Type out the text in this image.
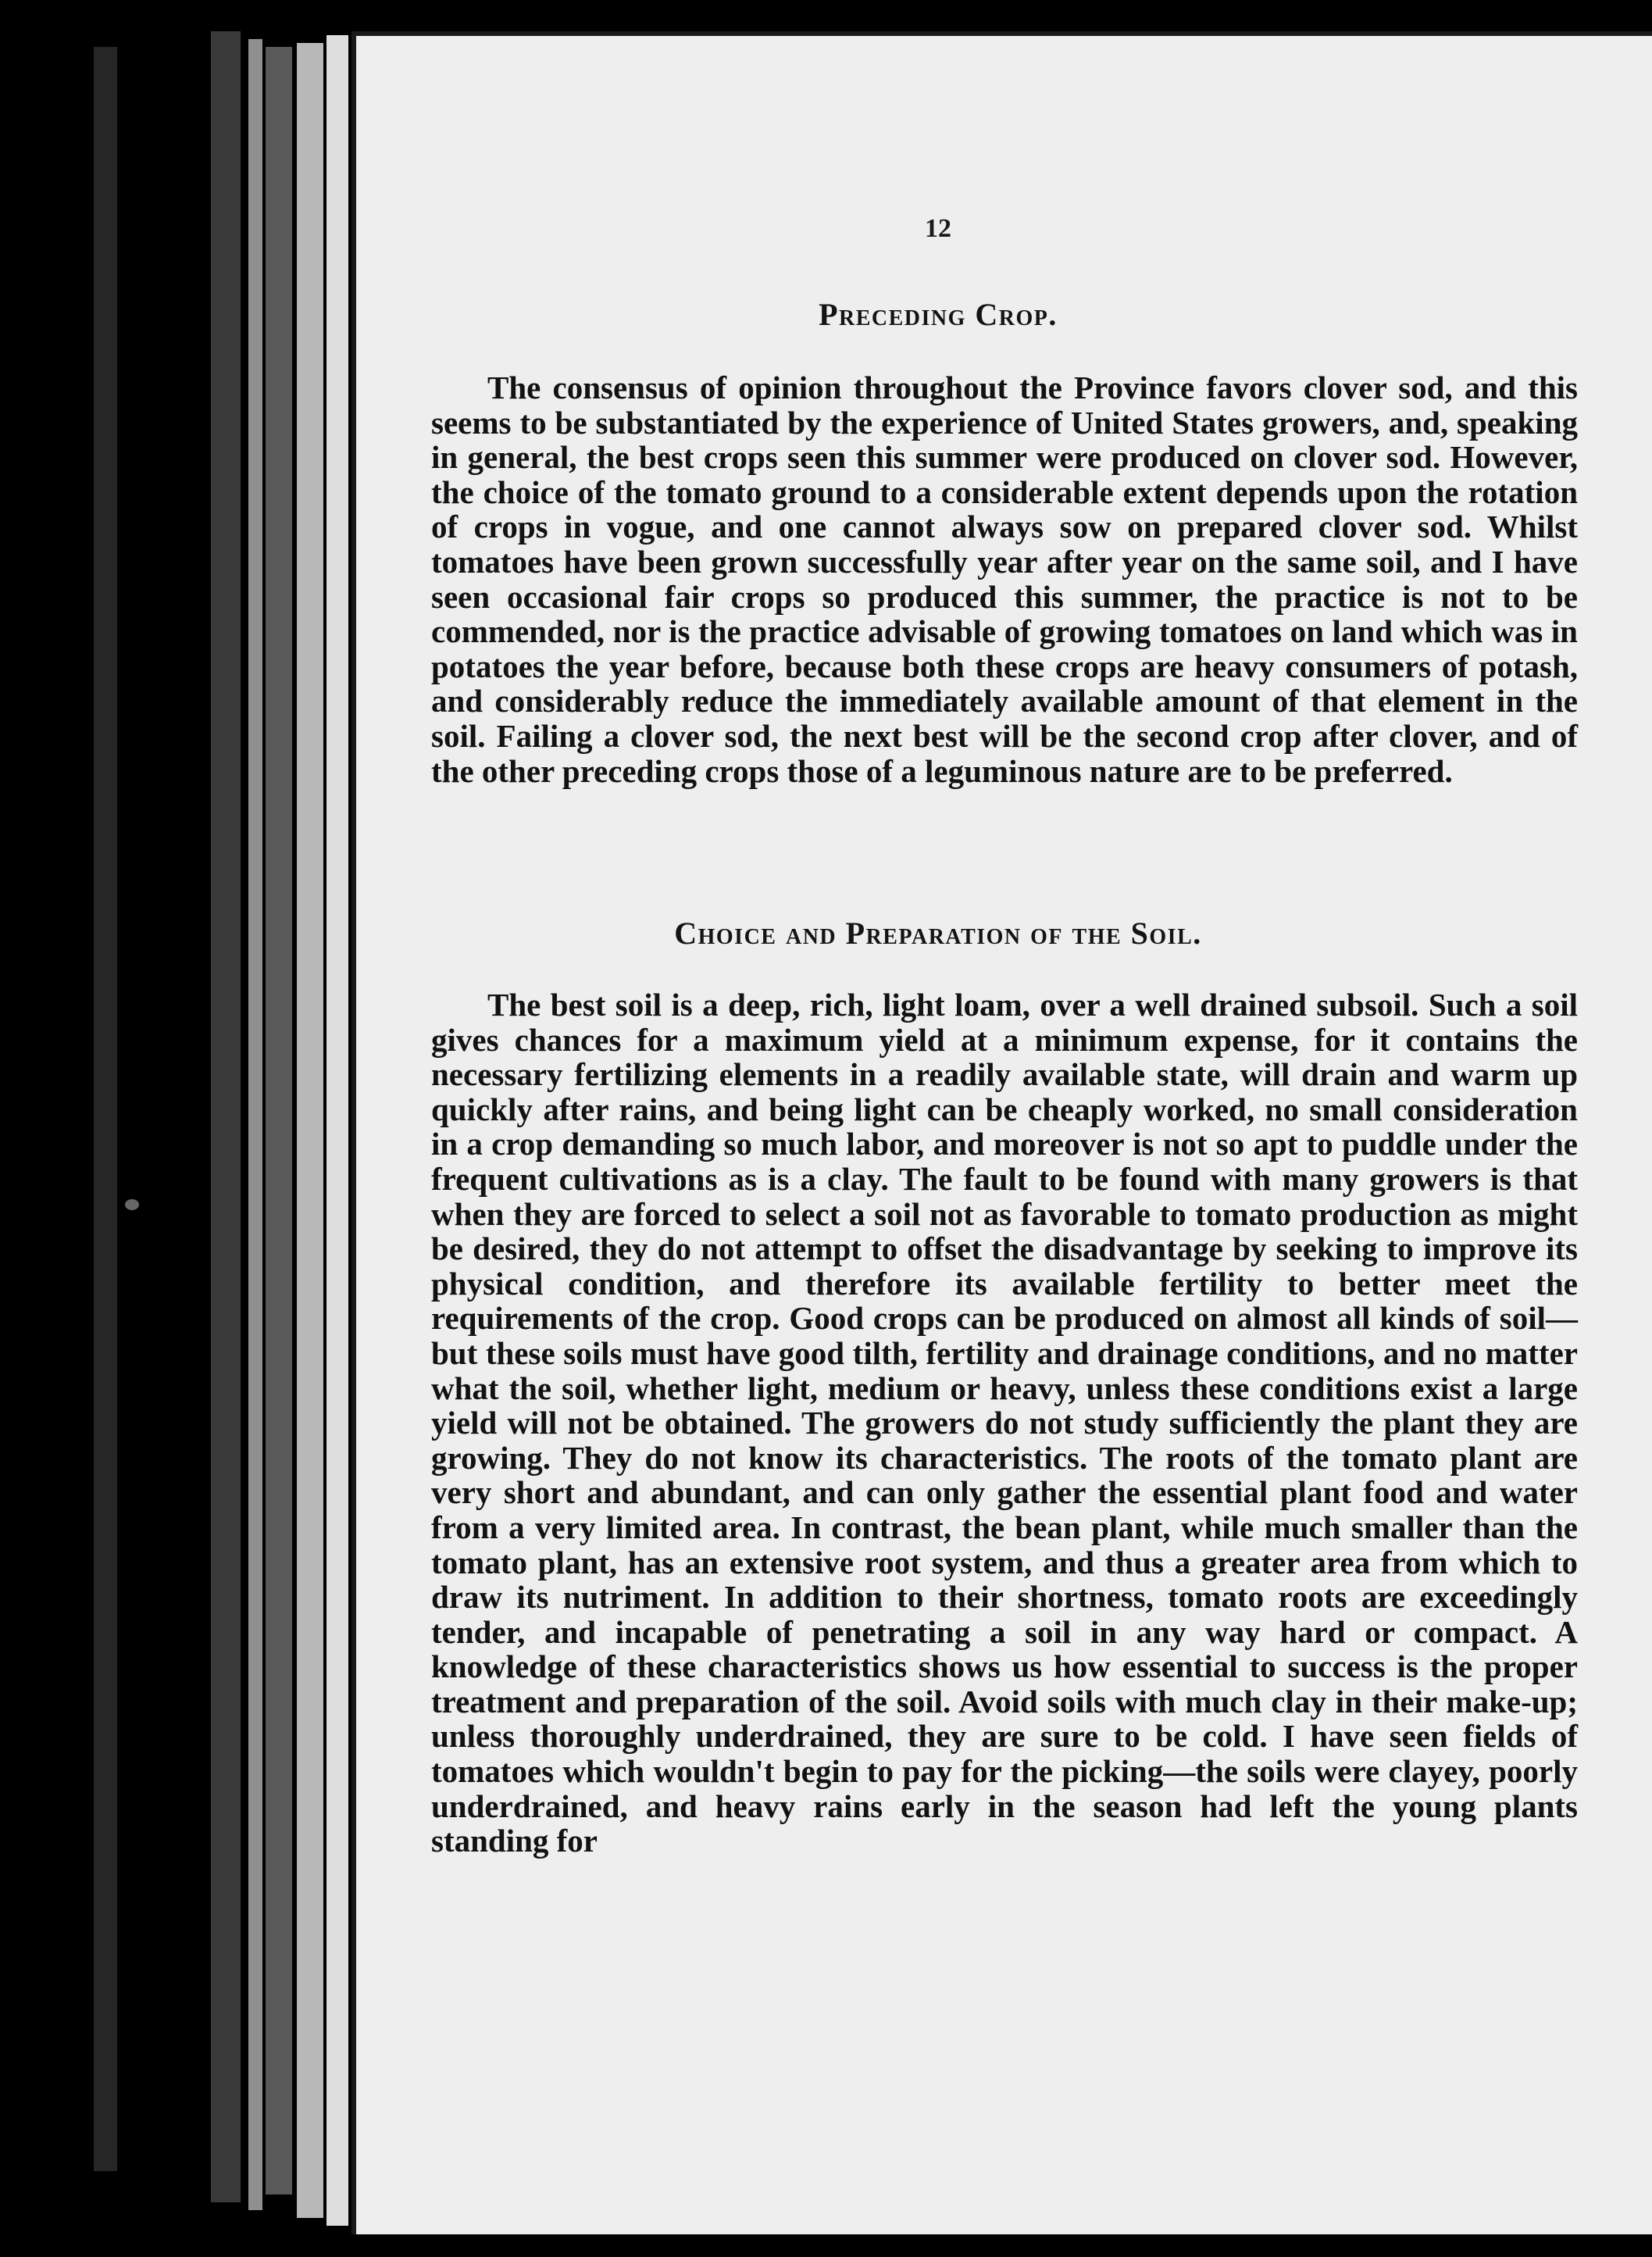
12
Preceding Crop.

The consensus of opinion throughout the Province favors clover sod, and this seems to be substantiated by the experience of United States growers, and, speaking in general, the best crops seen this summer were produced on clover sod. However, the choice of the tomato ground to a considerable extent depends upon the rotation of crops in vogue, and one cannot always sow on prepared clover sod. Whilst tomatoes have been grown successfully year after year on the same soil, and I have seen occasional fair crops so produced this summer, the practice is not to be commended, nor is the practice advisable of growing tomatoes on land which was in potatoes the year before, because both these crops are heavy consumers of potash, and considerably reduce the immediately available amount of that element in the soil. Failing a clover sod, the next best will be the second crop after clover, and of the other preceding crops those of a leguminous nature are to be preferred.

Choice and Preparation of the Soil.

The best soil is a deep, rich, light loam, over a well drained subsoil. Such a soil gives chances for a maximum yield at a minimum expense, for it contains the necessary fertilizing elements in a readily available state, will drain and warm up quickly after rains, and being light can be cheaply worked, no small consideration in a crop demanding so much labor, and moreover is not so apt to puddle under the frequent cultivations as is a clay. The fault to be found with many growers is that when they are forced to select a soil not as favorable to tomato production as might be desired, they do not attempt to offset the disadvantage by seeking to improve its physical condition, and therefore its available fertility to better meet the requirements of the crop. Good crops can be produced on almost all kinds of soil—but these soils must have good tilth, fertility and drainage conditions, and no matter what the soil, whether light, medium or heavy, unless these conditions exist a large yield will not be obtained. The growers do not study sufficiently the plant they are growing. They do not know its characteristics. The roots of the tomato plant are very short and abundant, and can only gather the essential plant food and water from a very limited area. In contrast, the bean plant, while much smaller than the tomato plant, has an extensive root system, and thus a greater area from which to draw its nutriment. In addition to their shortness, tomato roots are exceedingly tender, and incapable of penetrating a soil in any way hard or compact. A knowledge of these characteristics shows us how essential to success is the proper treatment and preparation of the soil. Avoid soils with much clay in their make-up; unless thoroughly underdrained, they are sure to be cold. I have seen fields of tomatoes which wouldn't begin to pay for the picking—the soils were clayey, poorly underdrained, and heavy rains early in the season had left the young plants standing for
